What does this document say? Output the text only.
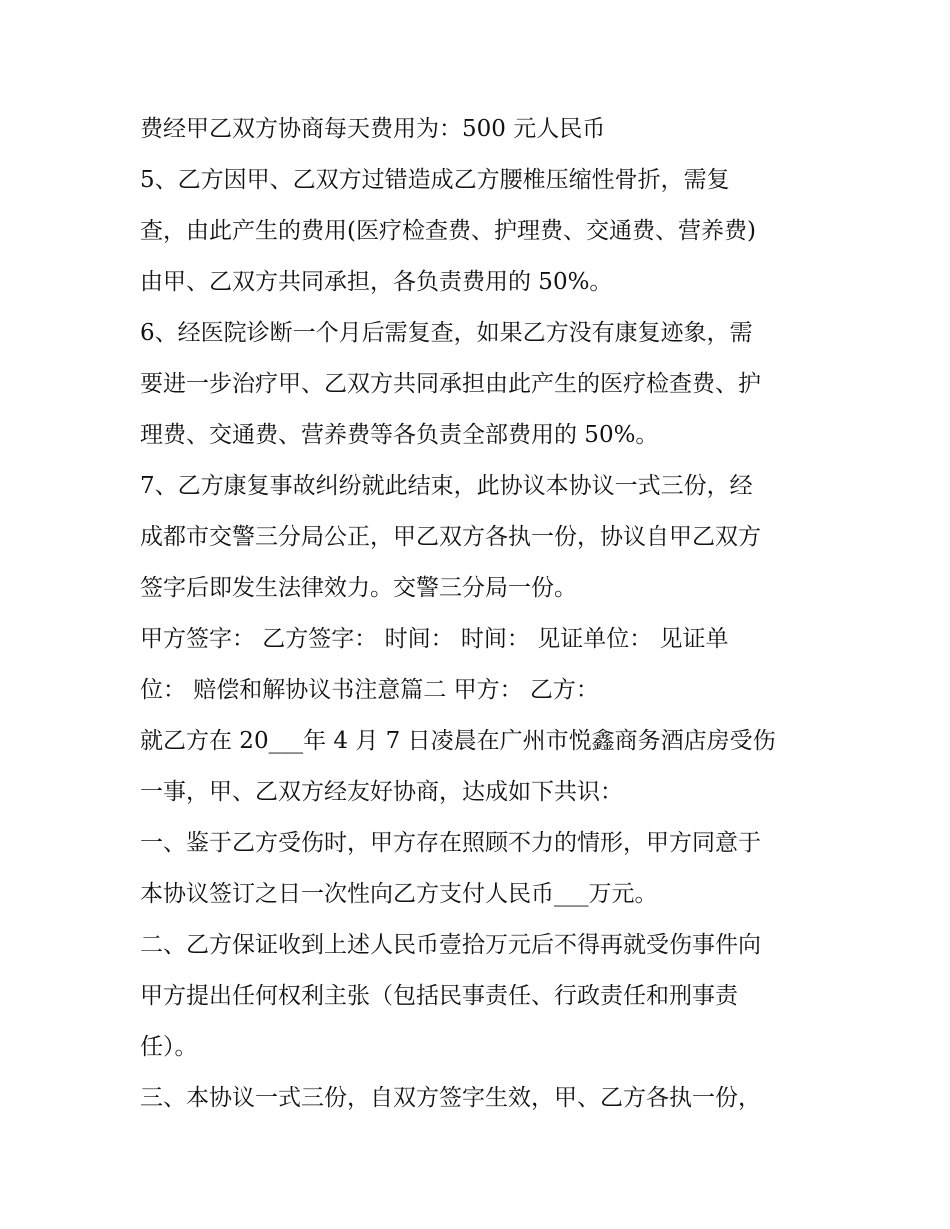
费经甲乙双方协商每天费用为：500 元人民币
5、乙方因甲、乙双方过错造成乙方腰椎压缩性骨折，需复
查，由此产生的费用(医疗检查费、护理费、交通费、营养费)
由甲、乙双方共同承担，各负责费用的 50%。
6、经医院诊断一个月后需复查，如果乙方没有康复迹象，需
要进一步治疗甲、乙双方共同承担由此产生的医疗检查费、护
理费、交通费、营养费等各负责全部费用的 50%。
7、乙方康复事故纠纷就此结束，此协议本协议一式三份，经
成都市交警三分局公正，甲乙双方各执一份，协议自甲乙双方
签字后即发生法律效力。交警三分局一份。
甲方签字： 乙方签字： 时间： 时间： 见证单位： 见证单
位： 赔偿和解协议书注意篇二 甲方： 乙方：
就乙方在 20___年 4 月 7 日凌晨在广州市悦鑫商务酒店房受伤
一事，甲、乙双方经友好协商，达成如下共识：
一、鉴于乙方受伤时，甲方存在照顾不力的情形，甲方同意于
本协议签订之日一次性向乙方支付人民币___万元。
二、乙方保证收到上述人民币壹拾万元后不得再就受伤事件向
甲方提出任何权利主张（包括民事责任、行政责任和刑事责
任）。
三、本协议一式三份，自双方签字生效，甲、乙方各执一份，
